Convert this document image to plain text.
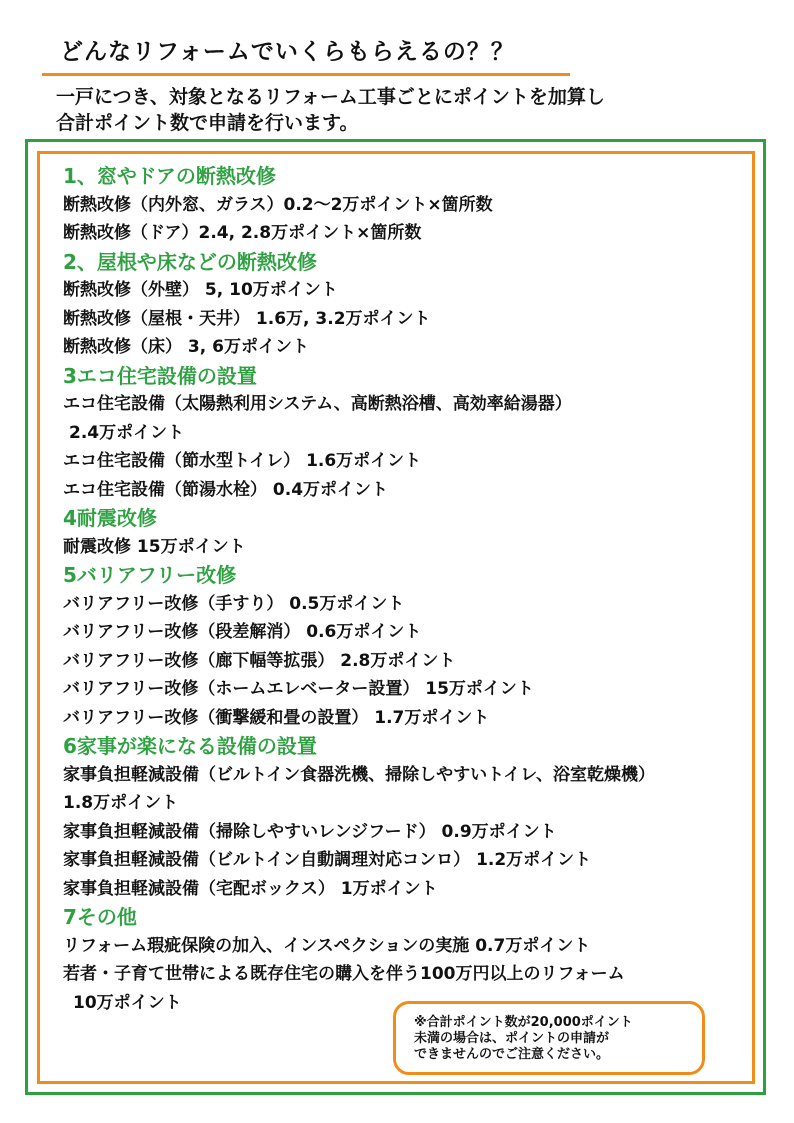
どんなリフォームでいくらもらえるの？？
一戸につき、対象となるリフォーム工事ごとにポイントを加算し
合計ポイント数で申請を行います。
1、窓やドアの断熱改修
断熱改修（内外窓、ガラス）0.2～2万ポイント×箇所数
断熱改修（ドア）2.4, 2.8万ポイント×箇所数
2、屋根や床などの断熱改修
断熱改修（外壁） 5, 10万ポイント
断熱改修（屋根・天井） 1.6万, 3.2万ポイント
断熱改修（床） 3, 6万ポイント
3エコ住宅設備の設置
エコ住宅設備（太陽熱利用システム、高断熱浴槽、高効率給湯器）
2.4万ポイント
エコ住宅設備（節水型トイレ） 1.6万ポイント
エコ住宅設備（節湯水栓） 0.4万ポイント
4耐震改修
耐震改修 15万ポイント
5バリアフリー改修
バリアフリー改修（手すり） 0.5万ポイント
バリアフリー改修（段差解消） 0.6万ポイント
バリアフリー改修（廊下幅等拡張） 2.8万ポイント
バリアフリー改修（ホームエレベーター設置） 15万ポイント
バリアフリー改修（衝撃緩和畳の設置） 1.7万ポイント
6家事が楽になる設備の設置
家事負担軽減設備（ビルトイン食器洗機、掃除しやすいトイレ、浴室乾燥機）
1.8万ポイント
家事負担軽減設備（掃除しやすいレンジフード） 0.9万ポイント
家事負担軽減設備（ビルトイン自動調理対応コンロ） 1.2万ポイント
家事負担軽減設備（宅配ボックス） 1万ポイント
7その他
リフォーム瑕疵保険の加入、インスペクションの実施 0.7万ポイント
若者・子育て世帯による既存住宅の購入を伴う100万円以上のリフォーム
10万ポイント
※合計ポイント数が20,000ポイント
未満の場合は、ポイントの申請が
できませんのでご注意ください。
